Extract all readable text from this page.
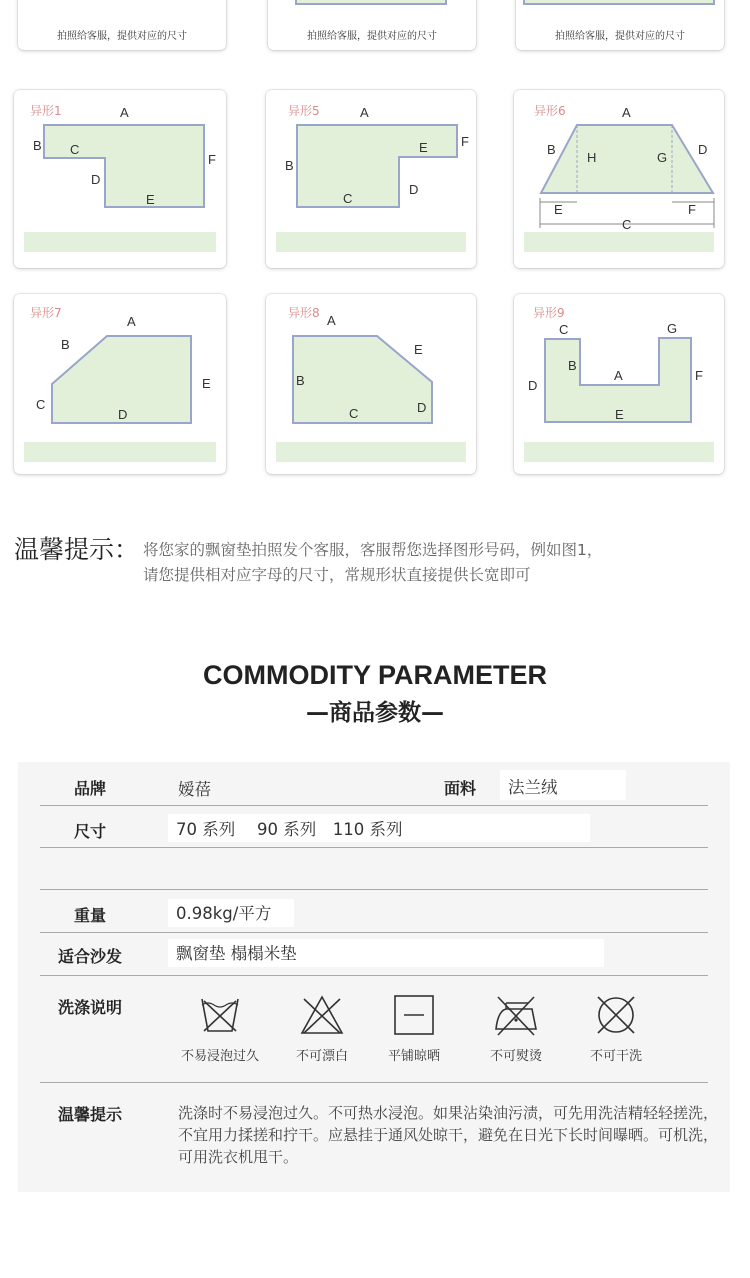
拍照给客服，提供对应的尺寸	拍照给客服，提供对应的尺寸	拍照给客服，提供对应的尺寸
异形1	A
B C
D
E
F
异形5	A
B
C
D
E	F
异形6	A
B
C
D
E	F
G
H
异形7
A
B
C
D
E
异形8 A
B
C	D
E
异形9
A
B
C
D
E
F
G
温馨提示： 将您家的飘窗垫拍照发个客服，客服帮您选择图形号码，例如图1，
请您提供相对应字母的尺寸，常规形状直接提供长宽即可
COMMODITY PARAMETER
—商品参数—
品牌	嫒蓓	面料	法兰绒
尺寸	70 系列　 90 系列　110 系列
重量	0.98kg/平方
适合沙发	飘窗垫 榻榻米垫
洗涤说明
不易浸泡过久	不可漂白	平铺晾晒	不可熨烫	不可干洗
温馨提示	洗涤时不易浸泡过久。不可热水浸泡。如果沾染油污渍，可先用洗洁精轻轻搓洗，不宜用力揉搓和拧干。应悬挂于通风处晾干，避免在日光下长时间曝晒。可机洗，可用洗衣机甩干。
